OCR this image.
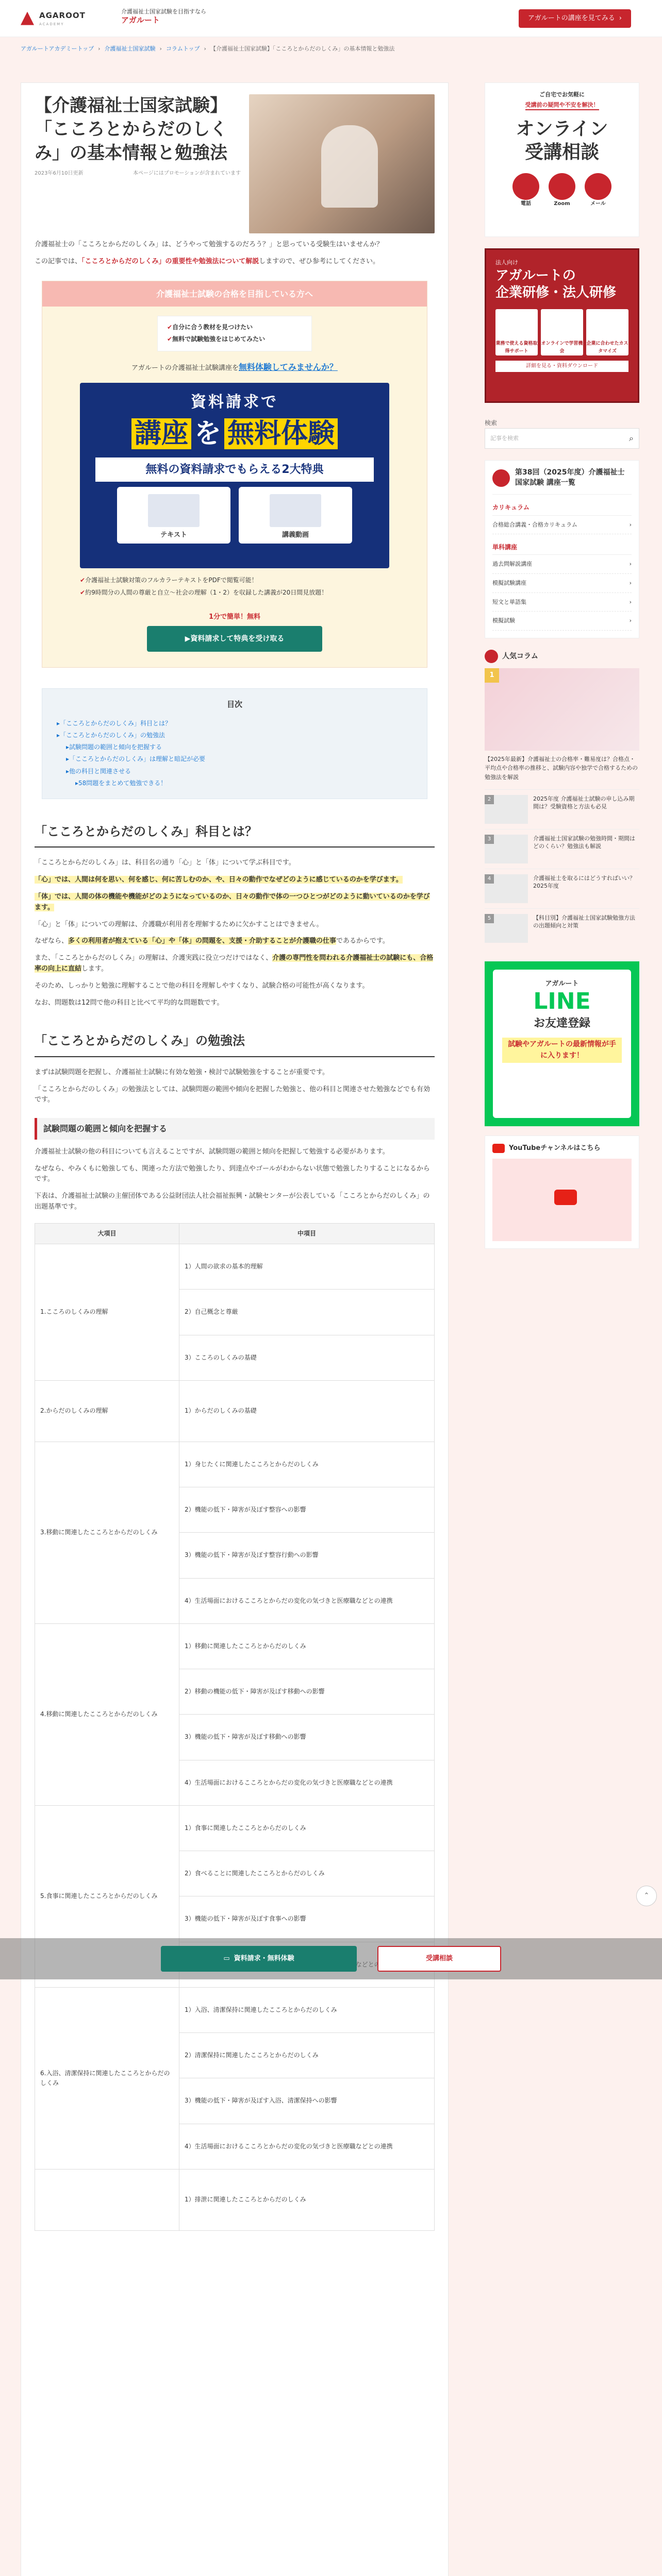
AGAROOT
ACADEMY
介護福祉士国家試験を目指すなら
アガルート	アガルートの講座を見てみる ›
アガルートアカデミートップ › 介護福祉士国家試験 › コラムトップ › 【介護福祉士国家試験】「こころとからだのしくみ」の基本情報と勉強法
【介護福祉士国家試験】「こころとからだのしくみ」の基本情報と勉強法
2023年6月10日更新	本ページにはプロモーションが含まれています

介護福祉士の「こころとからだのしくみ」は、どうやって勉強するのだろう？」と思っている受験生はいませんか？

この記事では、「こころとからだのしくみ」の重要性や勉強法について解説しますので、ぜひ参考にしてください。

介護福祉士試験の合格を目指している方へ
✔ 自分に合う教材を見つけたい
✔ 無料で試験勉強をはじめてみたい
アガルートの介護福祉士試験講座を無料体験してみませんか？
資料請求で
講座 を 無料体験
無料の資料請求でもらえる2大特典
テキスト	講義動画
✔ 介護福祉士試験対策のフルカラーテキストをPDFで閲覧可能！
✔ 約9時間分の人間の尊厳と自立〜社会の理解（1・2）を収録した講義が20日間見放題！
1分で簡単！無料
▶資料請求して特典を受け取る
目次
▸ 「こころとからだのしくみ」科目とは？
▸ 「こころとからだのしくみ」の勉強法
▸ 試験問題の範囲と傾向を把握する
▸ 「こころとからだのしくみ」は理解と暗記が必要
▸ 他の科目と関連させる
▸ 58問題をまとめて勉強できる！
「こころとからだのしくみ」科目とは？

「こころとからだのしくみ」は、科目名の通り「心」と「体」について学ぶ科目です。

「心」では、人間は何を思い、何を感じ、何に苦しむのか、や、日々の動作でなぜどのように感じているのかを学びます。

「体」では、人間の体の機能や機能がどのようになっているのか、日々の動作で体の一つひとつがどのように動いているのかを学びます。

「心」と「体」についての理解は、介護職が利用者を理解するために欠かすことはできません。

なぜなら、多くの利用者が抱えている「心」や「体」の問題を、支援・介助することが介護職の仕事であるからです。

また、「こころとからだのしくみ」の理解は、介護実践に役立つだけではなく、介護の専門性を問われる介護福祉士の試験にも、合格率の向上に直結します。

そのため、しっかりと勉強に理解することで他の科目を理解しやすくなり、試験合格の可能性が高くなります。

なお、問題数は12問で他の科目と比べて平均的な問題数です。

「こころとからだのしくみ」の勉強法

まずは試験問題を把握し、介護福祉士試験に有効な勉強・検討で試験勉強をすることが重要です。

「こころとからだのしくみ」の勉強法としては、試験問題の範囲や傾向を把握した勉強と、他の科目と関連させた勉強などでも有効です。

試験問題の範囲と傾向を把握する

介護福祉士試験の他の科目についても言えることですが、試験問題の範囲と傾向を把握して勉強する必要があります。

なぜなら、やみくもに勉強しても、関連った方法で勉強したり、到達点やゴールがわからない状態で勉強したりすることになるからです。

下表は、介護福祉士試験の主催団体である公益財団法人社会福祉振興・試験センターが公表している「こころとからだのしくみ」の出題基準です。

大項目	中項目
1.こころのしくみの理解	1）人間の欲求の基本的理解
2）自己概念と尊厳
3）こころのしくみの基礎

2.からだのしくみの理解	1）からだのしくみの基礎

3.移動に関連したこころとからだのしくみ	1）身じたくに関連したこころとからだのしくみ
2）機能の低下・障害が及ぼす整容への影響
3）機能の低下・障害が及ぼす整容行動への影響
4）生活場面におけるこころとからだの変化の気づきと医療職などとの連携

4.移動に関連したこころとからだのしくみ	1）移動に関連したこころとからだのしくみ
2）移動の機能の低下・障害が及ぼす移動への影響
3）機能の低下・障害が及ぼす移動への影響
4）生活場面におけるこころとからだの変化の気づきと医療職などとの連携

5.食事に関連したこころとからだのしくみ	1）食事に関連したこころとからだのしくみ
2）食べることに関連したこころとからだのしくみ
3）機能の低下・障害が及ぼす食事への影響

6.入浴、清潔保持に関連したこころとからだのしくみ	1）入浴、清潔保持に関連したこころとからだのしくみ
2）清潔保持に関連したこころとからだのしくみ
3）機能の低下・障害が及ぼす入浴、清潔保持への影響
4）生活場面におけるこころとからだの変化の気づきと医療職などとの連携

1）排泄に関連したこころとからだのしくみ
ご自宅でお気軽に
受講前の疑問や不安を解決！
オンライン
受講相談
電話	Zoom	メール
法人向け
アガルートの
企業研修・法人研修
業務で使える資格取得サポート
オンラインで学習機会
企業に合わせたカスタマイズ
詳細を見る・資料ダウンロード
検索
記事を検索	⌕
第38回（2025年度）介護福祉士国家試験 講座一覧
カリキュラム
合格総合講義・合格カリキュラム	›
単科講座
過去問解説講座	›
模擬試験講座	›
短文と単語集	›
模擬試験	›
人気コラム
1
【2025年最新】介護福祉士の合格率・難易度は？合格点・平均点や合格率の推移と、試験内容や独学で合格するための勉強法を解説
2	2025年度 介護福祉士試験の申し込み期間は？受験資格と方法も必見
3	介護福祉士国家試験の勉強時間・期間はどのくらい？勉強法も解説
4	介護福祉士を取るにはどうすればいい？2025年度
5	【科目別】介護福祉士国家試験勉強方法の出題傾向と対策
アガルート
LINE
お友達登録
試験やアガルートの最新情報が手に入ります！
YouTubeチャンネルはこちら
⌃
▭ 資料請求・無料体験	受講相談
